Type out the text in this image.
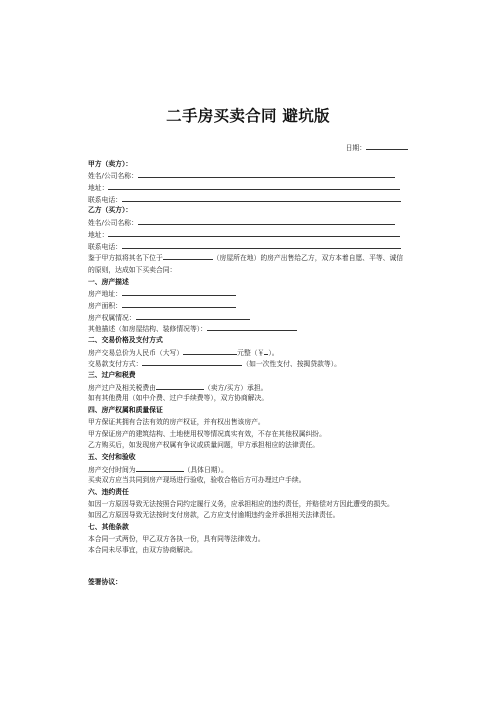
二手房买卖合同 避坑版
日期：
甲方（卖方）：
姓名/公司名称：
地址：
联系电话：
乙方（买方）：
姓名/公司名称：
地址：
联系电话：
鉴于甲方拟将其名下位于	（房屋所在地）的房产出售给乙方，双方本着自愿、平等、诚信的原则，达成如下买卖合同：
一、房产描述
房产地址：
房产面积：
房产权属情况：
其他描述（如房屋结构、装修情况等）：
二、交易价格及支付方式
房产交易总价为人民币（大写）	元整（￥ ）。
交易款支付方式：	（如一次性支付、按揭贷款等）。
三、过户和税费
房产过户及相关税费由	（卖方/买方）承担。
如有其他费用（如中介费、过户手续费等），双方协商解决。
四、房产权属和质量保证
甲方保证其拥有合法有效的房产权证，并有权出售该房产。
甲方保证房产的建筑结构、土地使用权等情况真实有效，不存在其他权属纠纷。
乙方购买后，如发现房产权属有争议或质量问题，甲方承担相应的法律责任。
五、交付和验收
房产交付时间为	（具体日期）。
买卖双方应当共同到房产现场进行验收，验收合格后方可办理过户手续。
六、违约责任
如因一方原因导致无法按照合同约定履行义务，应承担相应的违约责任，并赔偿对方因此遭受的损失。
如因乙方原因导致无法按时支付房款，乙方应支付逾期违约金并承担相关法律责任。
七、其他条款
本合同一式两份，甲乙双方各执一份，具有同等法律效力。
本合同未尽事宜，由双方协商解决。
签署协议：
